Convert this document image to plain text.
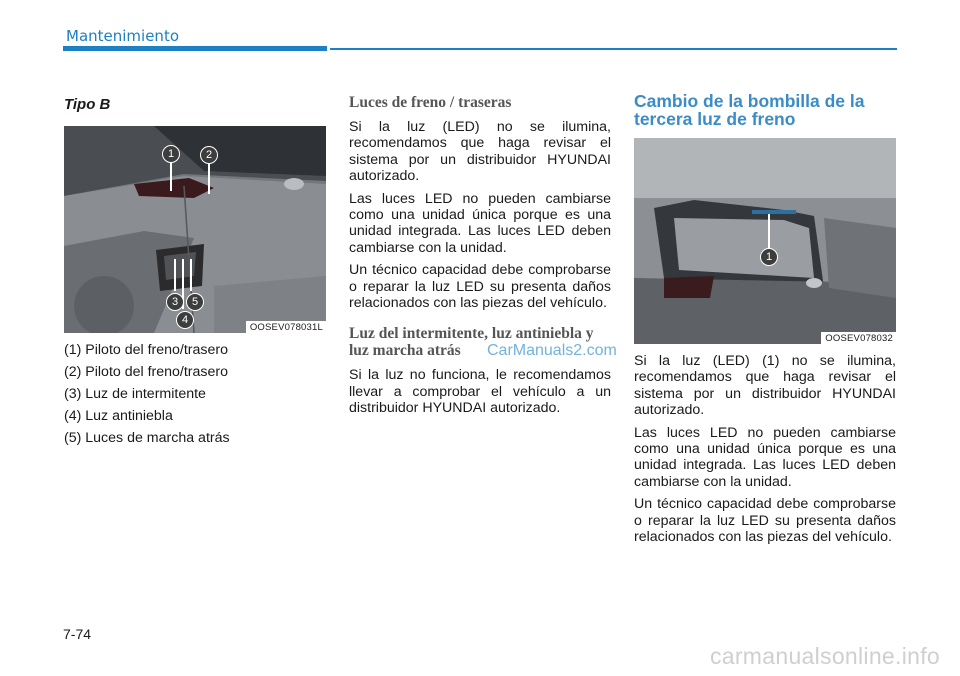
Mantenimiento
Tipo B
1	2
3
4
5
OOSEV078031L
(1) Piloto del freno/trasero
(2) Piloto del freno/trasero
(3) Luz de intermitente
(4) Luz antiniebla
(5) Luces de marcha atrás
Luces de freno / traseras

Si la luz (LED) no se ilumina, recomendamos que haga revisar el sistema por un distribuidor HYUNDAI autorizado.

Las luces LED no pueden cambiarse como una unidad única porque es una unidad integrada. Las luces LED deben cambiarse con la unidad.

Un técnico capacidad debe comprobarse o reparar la luz LED su presenta daños relacionados con las piezas del vehículo.

Luz del intermitente, luz antiniebla y luz marcha atrás

Si la luz no funciona, le recomendamos llevar a comprobar el vehículo a un distribuidor HYUNDAI autorizado.

Cambio de la bombilla de la tercera luz de freno
1
OOSEV078032

Si la luz (LED) (1) no se ilumina, recomendamos que haga revisar el sistema por un distribuidor HYUNDAI autorizado.

Las luces LED no pueden cambiarse como una unidad única porque es una unidad integrada. Las luces LED deben cambiarse con la unidad.

Un técnico capacidad debe comprobarse o reparar la luz LED su presenta daños relacionados con las piezas del vehículo.

CarManuals2.com
7-74
carmanualsonline.info
